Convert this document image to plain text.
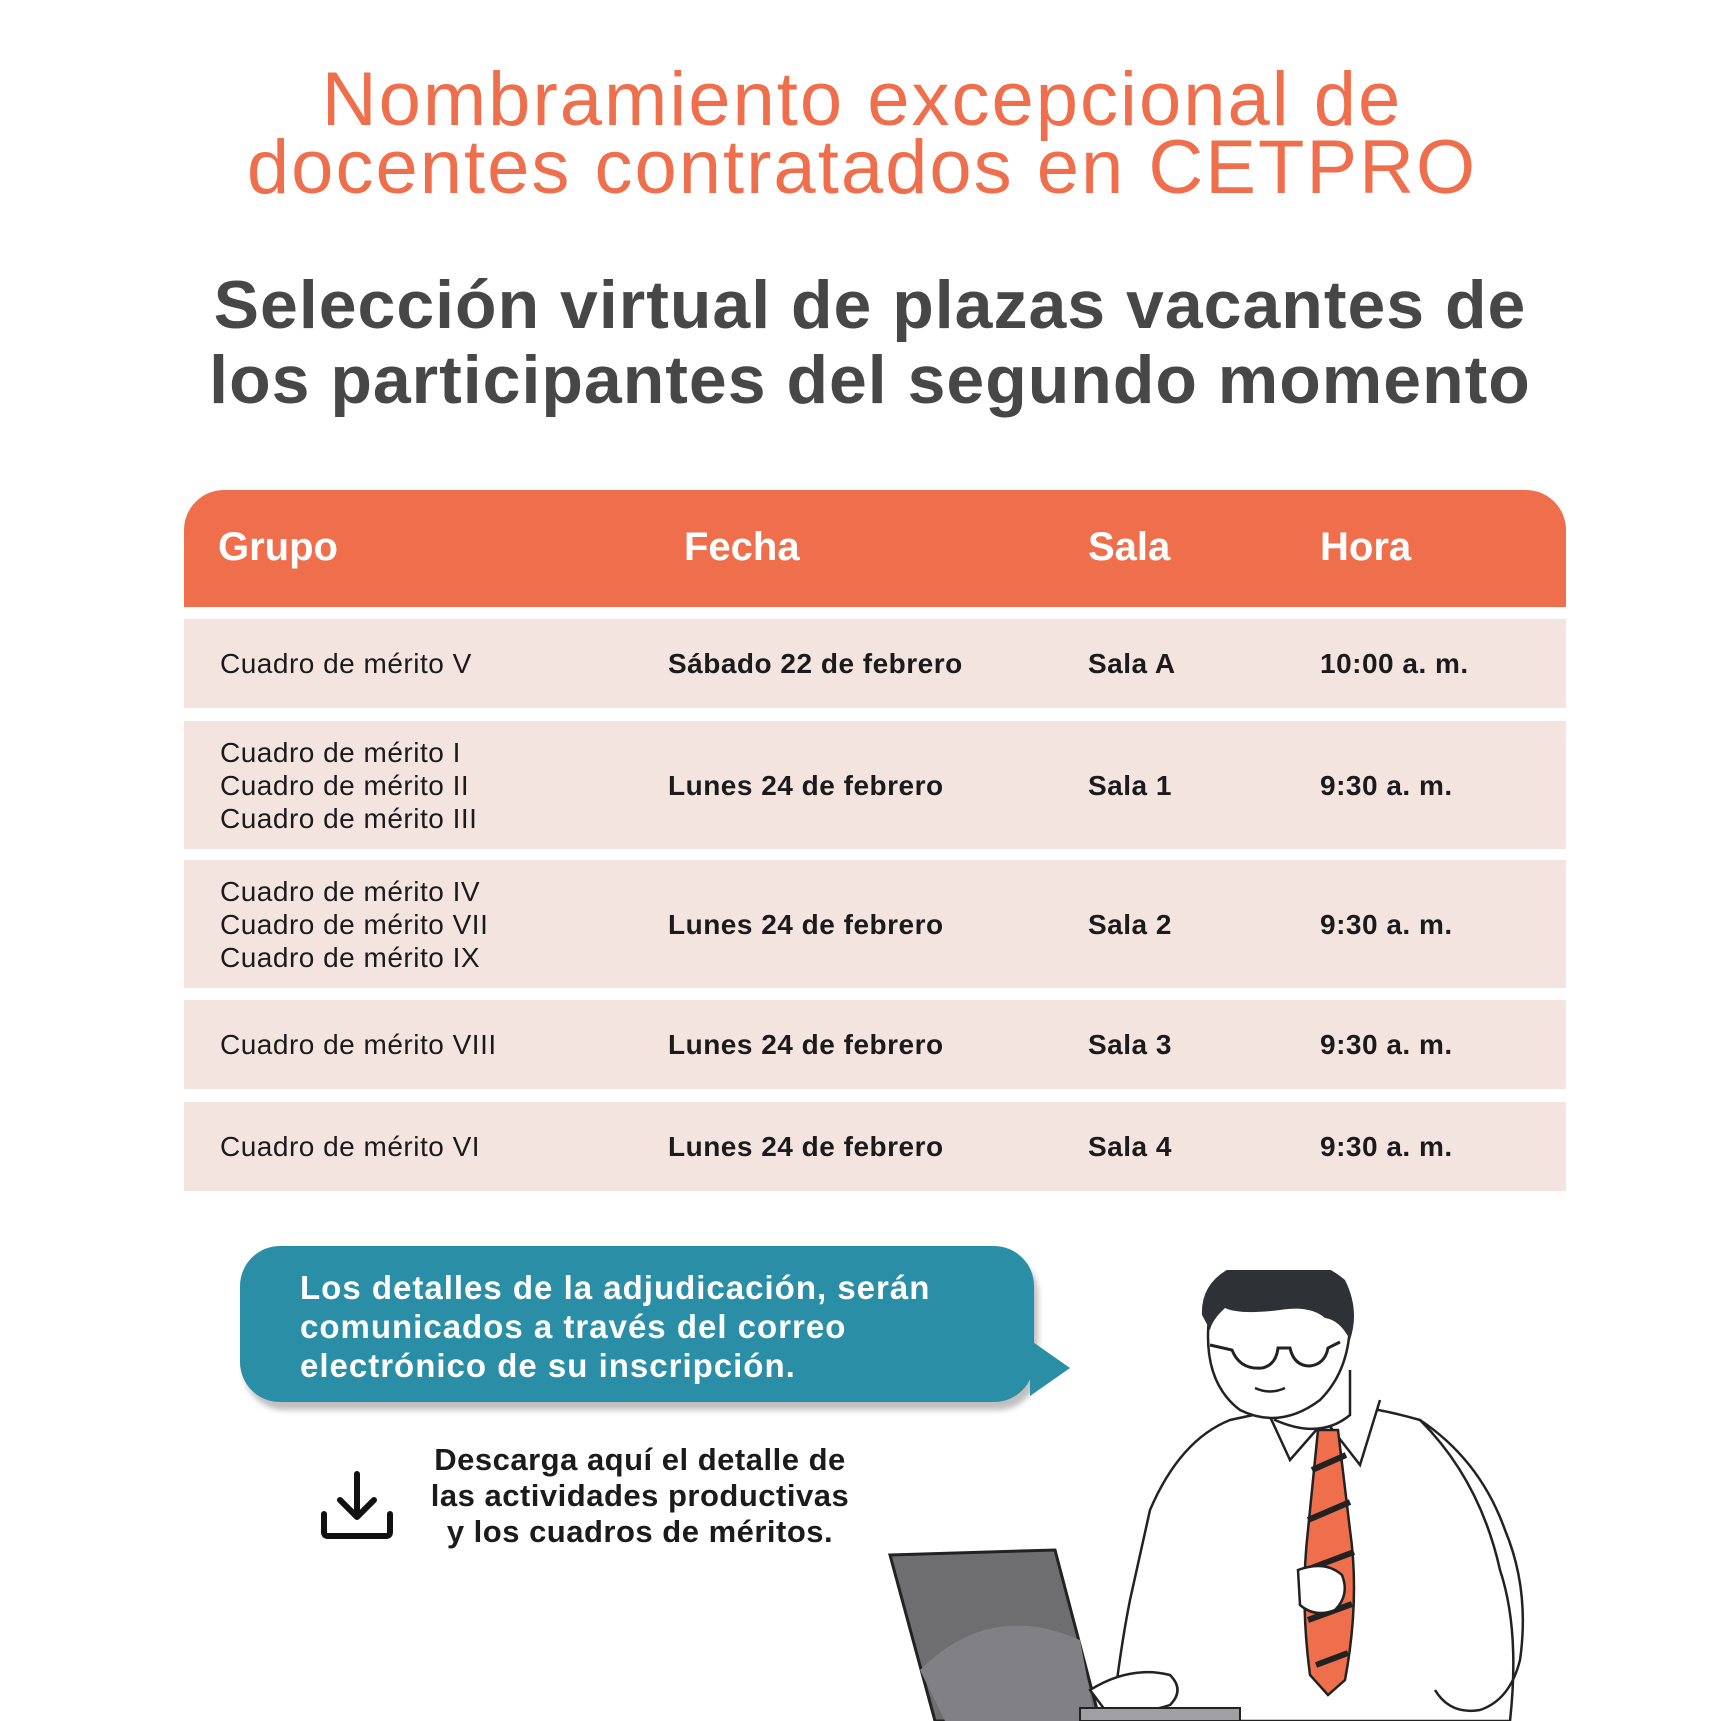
Nombramiento excepcional de
docentes contratados en CETPRO
Selección virtual de plazas vacantes de
los participantes del segundo momento
Grupo	Fecha	Sala	Hora
Cuadro de mérito V	Sábado 22 de febrero	Sala A	10:00 a. m.
Cuadro de mérito I
Cuadro de mérito II
Cuadro de mérito III
Lunes 24 de febrero	Sala 1	9:30 a. m.
Cuadro de mérito IV
Cuadro de mérito VII
Cuadro de mérito IX
Lunes 24 de febrero	Sala 2	9:30 a. m.
Cuadro de mérito VIII	Lunes 24 de febrero	Sala 3	9:30 a. m.
Cuadro de mérito VI	Lunes 24 de febrero	Sala 4	9:30 a. m.
Los detalles de la adjudicación, serán
comunicados a través del correo
electrónico de su inscripción.
Descarga aquí el detalle de
las actividades productivas
y los cuadros de méritos.
